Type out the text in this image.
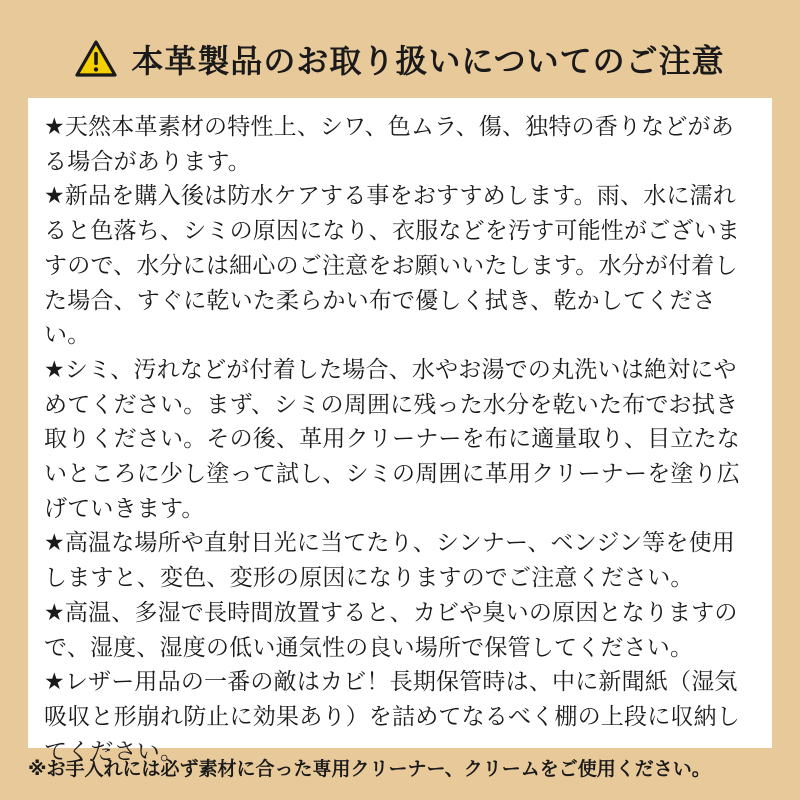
本革製品のお取り扱いについてのご注意

★天然本革素材の特性上、シワ、色ムラ、傷、独特の香りなどがある場合があります。

★新品を購入後は防水ケアする事をおすすめします。雨、水に濡れると色落ち、シミの原因になり、衣服などを汚す可能性がございますので、水分には細心のご注意をお願いいたします。水分が付着した場合、すぐに乾いた柔らかい布で優しく拭き、乾かしてください。

★シミ、汚れなどが付着した場合、水やお湯での丸洗いは絶対にやめてください。まず、シミの周囲に残った水分を乾いた布でお拭き取りください。その後、革用クリーナーを布に適量取り、目立たないところに少し塗って試し、シミの周囲に革用クリーナーを塗り広げていきます。

★高温な場所や直射日光に当てたり、シンナー、ベンジン等を使用しますと、変色、変形の原因になりますのでご注意ください。

★高温、多湿で長時間放置すると、カビや臭いの原因となりますので、湿度、湿度の低い通気性の良い場所で保管してください。

★レザー用品の一番の敵はカビ！長期保管時は、中に新聞紙（湿気吸収と形崩れ防止に効果あり）を詰めてなるべく棚の上段に収納してください。

※お手入れには必ず素材に合った専用クリーナー、クリームをご使用ください。
